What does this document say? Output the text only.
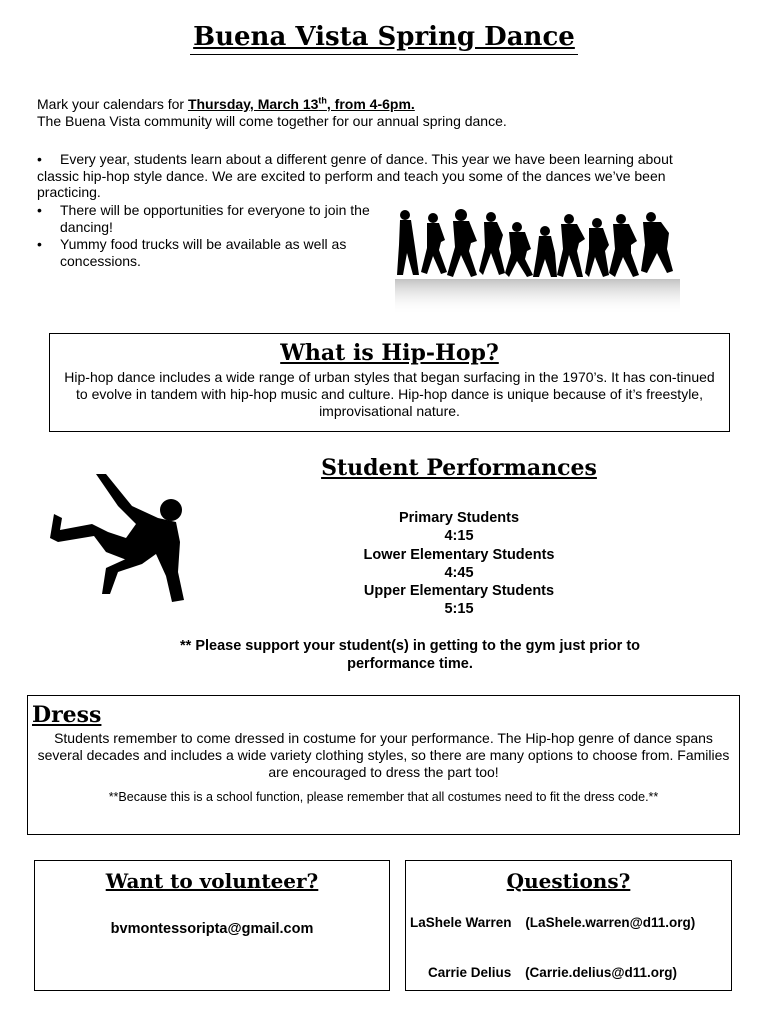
Buena Vista Spring Dance
Mark your calendars for Thursday, March 13th, from 4-6pm.
The Buena Vista community will come together for our annual spring dance.
•	Every year, students learn about a different genre of dance. This year we have been learning about classic hip-hop style dance. We are excited to perform and teach you some of the dances we’ve been practicing.
•	There will be opportunities for everyone to join the dancing!
•	Yummy food trucks will be available as well as concessions.
What is Hip-Hop?
Hip-hop dance includes a wide range of urban styles that began surfacing in the 1970’s. It has con-tinued to evolve in tandem with hip-hop music and culture. Hip-hop dance is unique because of it’s freestyle, improvisational nature.
Student Performances
Primary Students
4:15
Lower Elementary Students
4:45
Upper Elementary Students
5:15
** Please support your student(s) in getting to the gym just prior to performance time.
Dress
Students remember to come dressed in costume for your performance. The Hip-hop genre of dance spans several decades and includes a wide variety clothing styles, so there are many options to choose from. Families are encouraged to dress the part too!
**Because this is a school function, please remember that all costumes need to fit the dress code.**
Want to volunteer?
bvmontessoripta@gmail.com
Questions?
LaShele Warren (LaShele.warren@d11.org)
Carrie Delius (Carrie.delius@d11.org)
